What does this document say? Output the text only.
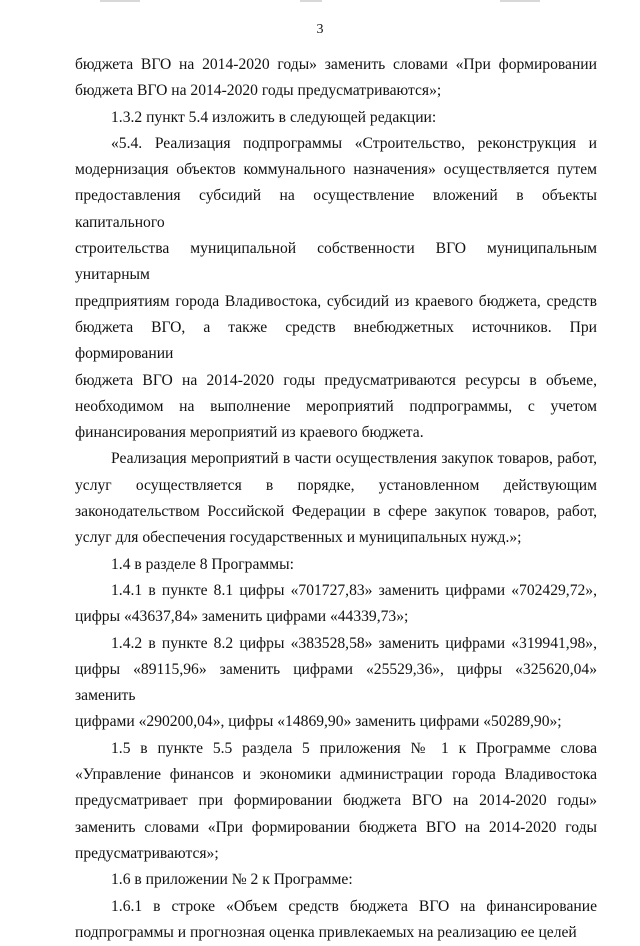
3
бюджета ВГО на 2014-2020 годы» заменить словами «При формировании
бюджета ВГО на 2014-2020 годы предусматриваются»;
1.3.2 пункт 5.4 изложить в следующей редакции:
«5.4. Реализация подпрограммы «Строительство, реконструкция и
модернизация объектов коммунального назначения» осуществляется путем
предоставления субсидий на осуществление вложений в объекты капитального
строительства муниципальной собственности ВГО муниципальным унитарным
предприятиям города Владивостока, субсидий из краевого бюджета, средств
бюджета ВГО, а также средств внебюджетных источников. При формировании
бюджета ВГО на 2014-2020 годы предусматриваются ресурсы в объеме,
необходимом на выполнение мероприятий подпрограммы, с учетом
финансирования мероприятий из краевого бюджета.
Реализация мероприятий в части осуществления закупок товаров, работ,
услуг осуществляется в порядке, установленном действующим
законодательством Российской Федерации в сфере закупок товаров, работ,
услуг для обеспечения государственных и муниципальных нужд.»;
1.4 в разделе 8 Программы:
1.4.1 в пункте 8.1 цифры «701727,83» заменить цифрами «702429,72»,
цифры «43637,84» заменить цифрами «44339,73»;
1.4.2 в пункте 8.2 цифры «383528,58» заменить цифрами «319941,98»,
цифры «89115,96» заменить цифрами «25529,36», цифры «325620,04» заменить
цифрами «290200,04», цифры «14869,90» заменить цифрами «50289,90»;
1.5 в пункте 5.5 раздела 5 приложения № 1 к Программе слова
«Управление финансов и экономики администрации города Владивостока
предусматривает при формировании бюджета ВГО на 2014-2020 годы»
заменить словами «При формировании бюджета ВГО на 2014-2020 годы
предусматриваются»;
1.6 в приложении № 2 к Программе:
1.6.1 в строке «Объем средств бюджета ВГО на финансирование
подпрограммы и прогнозная оценка привлекаемых на реализацию ее целей
